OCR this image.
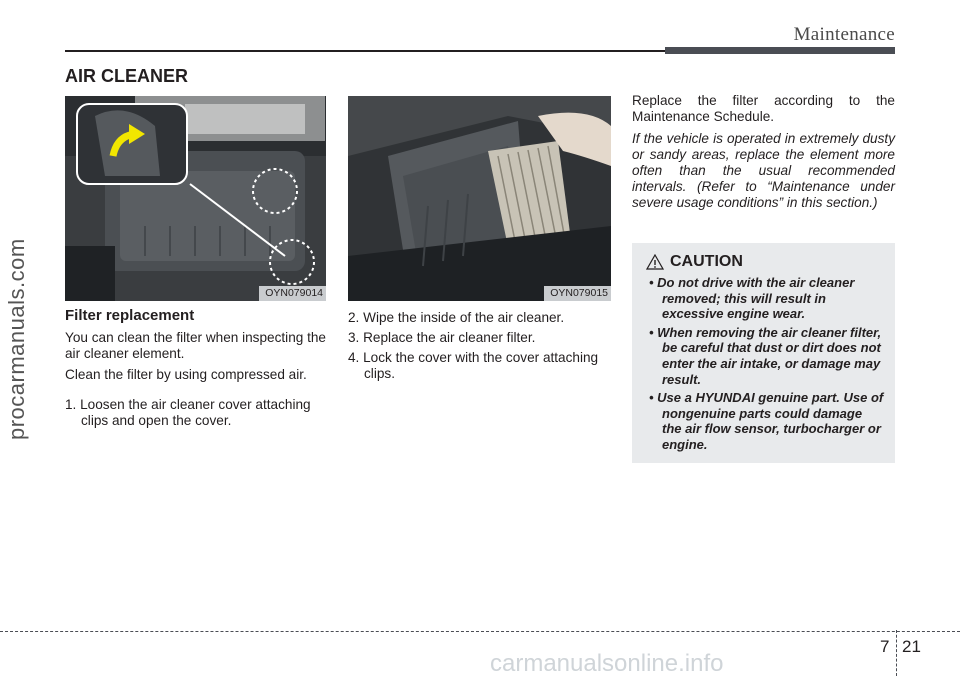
Maintenance
AIR CLEANER
procarmanuals.com	OYN079014	OYN079015
Filter replacement
You can clean the filter when inspecting the air cleaner element.
Clean the filter by using compressed air.
1. Loosen the air cleaner cover attaching clips and open the cover.
2. Wipe the inside of the air cleaner.
3. Replace the air cleaner filter.
4. Lock the cover with the cover attaching clips.
Replace the filter according to the Maintenance Schedule.
If the vehicle is operated in extremely dusty or sandy areas, replace the element more often than the usual recommended intervals. (Refer to “Maintenance under severe usage conditions” in this section.)
CAUTION
• Do not drive with the air cleaner removed; this will result in excessive engine wear.
• When removing the air cleaner filter, be careful that dust or dirt does not enter the air intake, or damage may result.
• Use a HYUNDAI genuine part. Use of nongenuine parts could damage the air flow sensor, turbocharger or engine.
7 21
carmanualsonline.info
